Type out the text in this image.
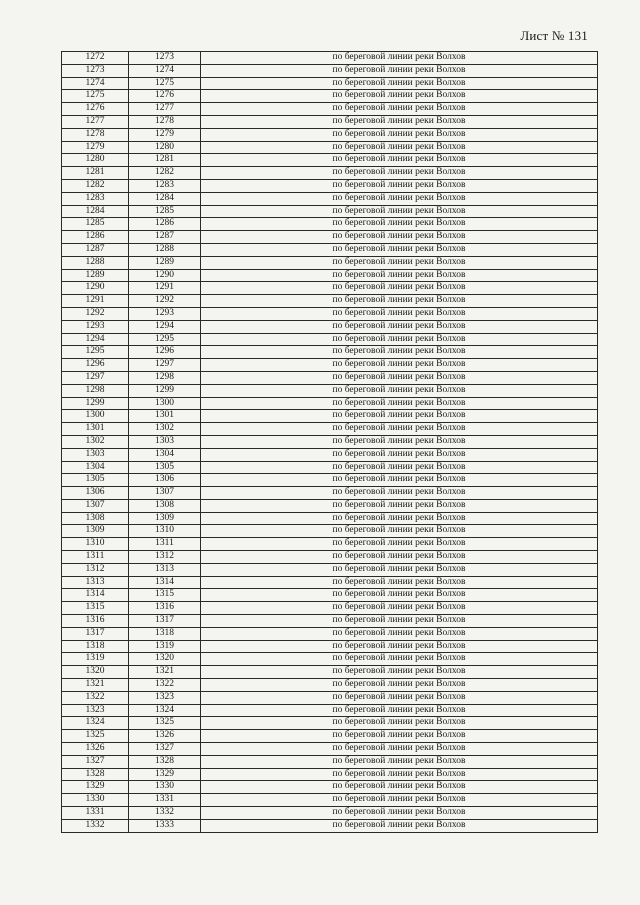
Лист № 131
1272	1273	по береговой линии реки Волхов
1273	1274	по береговой линии реки Волхов
1274	1275	по береговой линии реки Волхов
1275	1276	по береговой линии реки Волхов
1276	1277	по береговой линии реки Волхов
1277	1278	по береговой линии реки Волхов
1278	1279	по береговой линии реки Волхов
1279	1280	по береговой линии реки Волхов
1280	1281	по береговой линии реки Волхов
1281	1282	по береговой линии реки Волхов
1282	1283	по береговой линии реки Волхов
1283	1284	по береговой линии реки Волхов
1284	1285	по береговой линии реки Волхов
1285	1286	по береговой линии реки Волхов
1286	1287	по береговой линии реки Волхов
1287	1288	по береговой линии реки Волхов
1288	1289	по береговой линии реки Волхов
1289	1290	по береговой линии реки Волхов
1290	1291	по береговой линии реки Волхов
1291	1292	по береговой линии реки Волхов
1292	1293	по береговой линии реки Волхов
1293	1294	по береговой линии реки Волхов
1294	1295	по береговой линии реки Волхов
1295	1296	по береговой линии реки Волхов
1296	1297	по береговой линии реки Волхов
1297	1298	по береговой линии реки Волхов
1298	1299	по береговой линии реки Волхов
1299	1300	по береговой линии реки Волхов
1300	1301	по береговой линии реки Волхов
1301	1302	по береговой линии реки Волхов
1302	1303	по береговой линии реки Волхов
1303	1304	по береговой линии реки Волхов
1304	1305	по береговой линии реки Волхов
1305	1306	по береговой линии реки Волхов
1306	1307	по береговой линии реки Волхов
1307	1308	по береговой линии реки Волхов
1308	1309	по береговой линии реки Волхов
1309	1310	по береговой линии реки Волхов
1310	1311	по береговой линии реки Волхов
1311	1312	по береговой линии реки Волхов
1312	1313	по береговой линии реки Волхов
1313	1314	по береговой линии реки Волхов
1314	1315	по береговой линии реки Волхов
1315	1316	по береговой линии реки Волхов
1316	1317	по береговой линии реки Волхов
1317	1318	по береговой линии реки Волхов
1318	1319	по береговой линии реки Волхов
1319	1320	по береговой линии реки Волхов
1320	1321	по береговой линии реки Волхов
1321	1322	по береговой линии реки Волхов
1322	1323	по береговой линии реки Волхов
1323	1324	по береговой линии реки Волхов
1324	1325	по береговой линии реки Волхов
1325	1326	по береговой линии реки Волхов
1326	1327	по береговой линии реки Волхов
1327	1328	по береговой линии реки Волхов
1328	1329	по береговой линии реки Волхов
1329	1330	по береговой линии реки Волхов
1330	1331	по береговой линии реки Волхов
1331	1332	по береговой линии реки Волхов
1332	1333	по береговой линии реки Волхов
